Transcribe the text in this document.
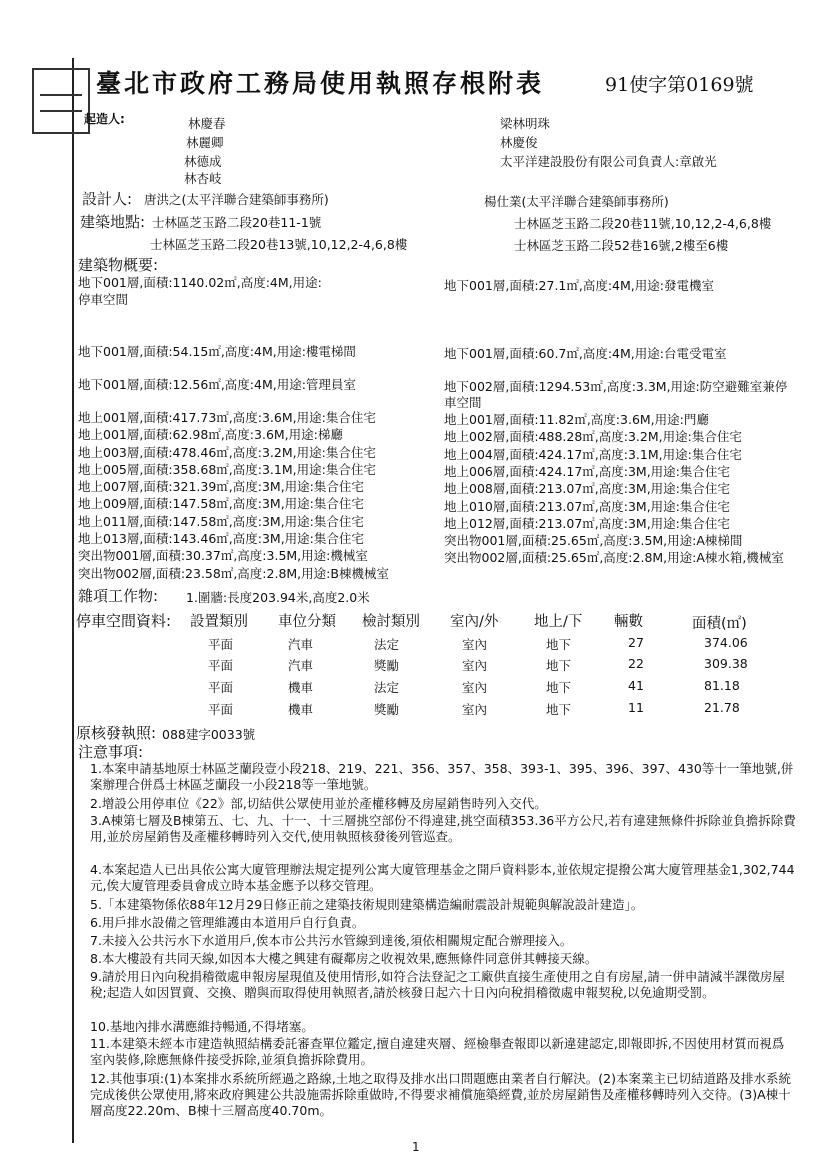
起造人:
臺北市政府工務局使用執照存根附表	91使字第0169號
林慶春
林麗卿
林德成
林杏岐
梁林明珠
林慶俊
太平洋建設股份有限公司負責人:章啟光
設計人: 唐洪之(太平洋聯合建築師事務所)	楊仕業(太平洋聯合建築師事務所)
建築地點: 士林區芝玉路二段20巷11-1號
士林區芝玉路二段20巷13號,10,12,2-4,6,8樓
士林區芝玉路二段20巷11號,10,12,2-4,6,8樓
士林區芝玉路二段52巷16號,2樓至6樓
建築物概要:
地下001層,面積:1140.02㎡,高度:4M,用途:
停車空間
地下001層,面積:54.15㎡,高度:4M,用途:樓電梯間
地下001層,面積:12.56㎡,高度:4M,用途:管理員室
地上001層,面積:417.73㎡,高度:3.6M,用途:集合住宅
地上001層,面積:62.98㎡,高度:3.6M,用途:梯廳
地上003層,面積:478.46㎡,高度:3.2M,用途:集合住宅
地上005層,面積:358.68㎡,高度:3.1M,用途:集合住宅
地上007層,面積:321.39㎡,高度:3M,用途:集合住宅
地上009層,面積:147.58㎡,高度:3M,用途:集合住宅
地上011層,面積:147.58㎡,高度:3M,用途:集合住宅
地上013層,面積:143.46㎡,高度:3M,用途:集合住宅
突出物001層,面積:30.37㎡,高度:3.5M,用途:機械室
突出物002層,面積:23.58㎡,高度:2.8M,用途:B棟機械室
地下001層,面積:27.1㎡,高度:4M,用途:發電機室
地下001層,面積:60.7㎡,高度:4M,用途:台電受電室
地下002層,面積:1294.53㎡,高度:3.3M,用途:防空避難室兼停
車空間
地上001層,面積:11.82㎡,高度:3.6M,用途:門廳
地上002層,面積:488.28㎡,高度:3.2M,用途:集合住宅
地上004層,面積:424.17㎡,高度:3.1M,用途:集合住宅
地上006層,面積:424.17㎡,高度:3M,用途:集合住宅
地上008層,面積:213.07㎡,高度:3M,用途:集合住宅
地上010層,面積:213.07㎡,高度:3M,用途:集合住宅
地上012層,面積:213.07㎡,高度:3M,用途:集合住宅
突出物001層,面積:25.65㎡,高度:3.5M,用途:A棟梯間
突出物002層,面積:25.65㎡,高度:2.8M,用途:A棟水箱,機械室
雜項工作物: 1.圍牆:長度203.94米,高度2.0米
停車空間資料: 設置類別 車位分類 檢討類別 室內/外 地上/下 輛數	面積(㎡)
平面	汽車	法定	室內	地下	27	374.06
平面	汽車	獎勵	室內	地下	22	309.38
平面	機車	法定	室內	地下	41	81.18
平面	機車	獎勵	室內	地下	11	21.78
原核發執照: 088建字0033號
注意事項:
1.本案申請基地原士林區芝蘭段壹小段218、219、221、356、357、358、393-1、395、396、397、430等十一筆地號,併案辦理合併爲士林區芝蘭段一小段218等一筆地號。
2.增設公用停車位《22》部,切結供公眾使用並於產權移轉及房屋銷售時列入交代。
3.A棟第七層及B棟第五、七、九、十一、十三層挑空部份不得違建,挑空面積353.36平方公尺,若有違建無條件拆除並負擔拆除費用,並於房屋銷售及產權移轉時列入交代,使用執照核發後列管巡查。
4.本案起造人已出具依公寓大廈管理辦法規定提列公寓大廈管理基金之開戶資料影本,並依規定提撥公寓大廈管理基金1,302,744元,俟大廈管理委員會成立時本基金應予以移交管理。
5.「本建築物係依88年12月29日修正前之建築技術規則建築構造編耐震設計規範與解說設計建造」。
6.用戶排水設備之管理維護由本道用戶自行負責。
7.未接入公共污水下水道用戶,俟本市公共污水管線到達後,須依相關規定配合辦理接入。
8.本大樓設有共同天線,如因本大樓之興建有礙鄰房之收視效果,應無條件同意併其轉接天線。
9.請於用日內向稅捐稽徵處申報房屋現值及使用情形,如符合法登記之工廠供直接生產使用之自有房屋,請一併申請減半課徵房屋稅;起造人如因買賣、交換、贈與而取得使用執照者,請於核發日起六十日內向稅捐稽徵處申報契稅,以免逾期受罰。
10.基地內排水溝應維持暢通,不得堵塞。
11.本建築未經本市建造執照結構委託審查單位鑑定,擅自違建夾層、經檢舉查報即以新違建認定,即報即拆,不因使用材質而視爲室內裝修,除應無條件接受拆除,並須負擔拆除費用。
12.其他事項:(1)本案排水系統所經過之路線,土地之取得及排水出口問題應由業者自行解決。(2)本案業主已切結道路及排水系統完成後供公眾使用,將來政府興建公共設施需拆除重做時,不得要求補償施築經費,並於房屋銷售及產權移轉時列入交待。(3)A棟十層高度22.20m、B棟十三層高度40.70m。
1
